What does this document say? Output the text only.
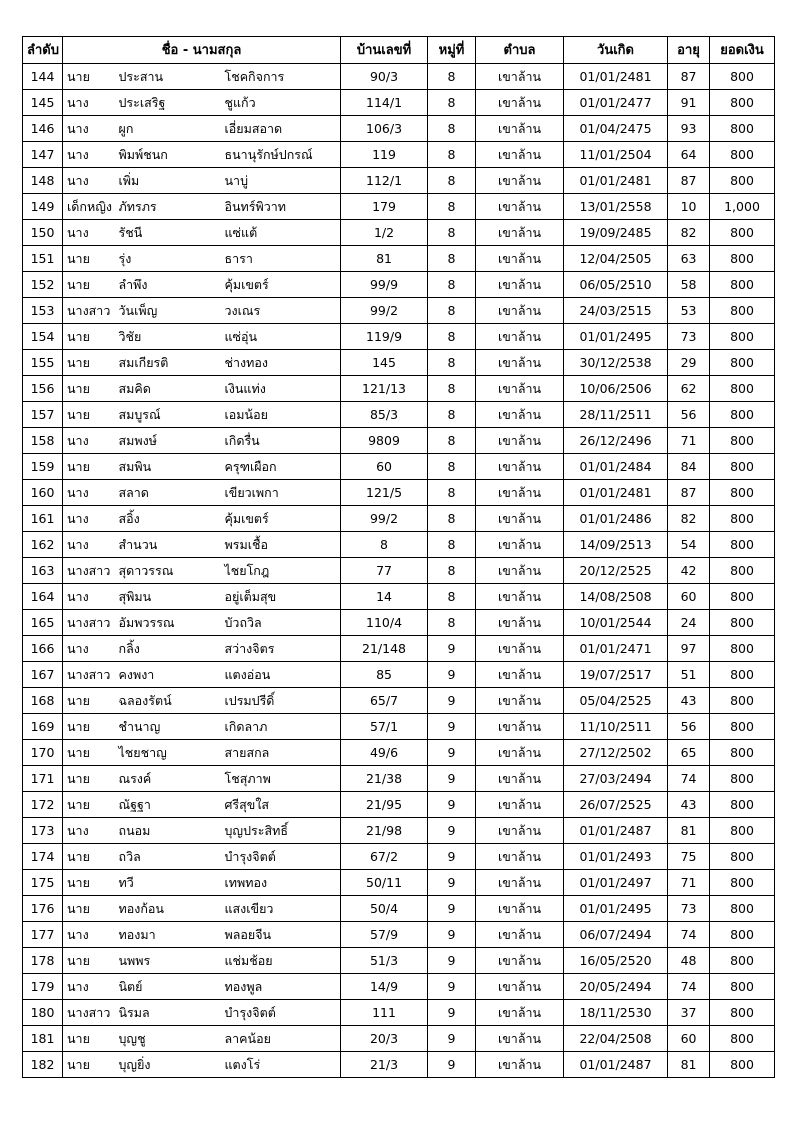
ลำดับ	ชื่อ - นามสกุล			บ้านเลขที่	หมู่ที่	ตำบล	วันเกิด	อายุ	ยอดเงิน
144	นาย	ประสาน	โชคกิจการ	90/3	8	เขาล้าน	01/01/2481	87	800
145	นาง	ประเสริฐ	ชูแก้ว	114/1	8	เขาล้าน	01/01/2477	91	800
146	นาง	ผูก	เอี่ยมสอาด	106/3	8	เขาล้าน	01/04/2475	93	800
147	นาง	พิมพ์ชนก	ธนานุรักษ์ปกรณ์	119	8	เขาล้าน	11/01/2504	64	800
148	นาง	เพิ่ม	นาบู่	112/1	8	เขาล้าน	01/01/2481	87	800
149	เด็กหญิง	ภัทรภร	อินทร์พิวาท	179	8	เขาล้าน	13/01/2558	10	1,000
150	นาง	รัชนี	แซ่แต้	1/2	8	เขาล้าน	19/09/2485	82	800
151	นาย	รุ่ง	ธารา	81	8	เขาล้าน	12/04/2505	63	800
152	นาย	ลำพึง	คุ้มเขตร์	99/9	8	เขาล้าน	06/05/2510	58	800
153	นางสาว	วันเพ็ญ	วงเณร	99/2	8	เขาล้าน	24/03/2515	53	800
154	นาย	วิชัย	แซ่อุ่น	119/9	8	เขาล้าน	01/01/2495	73	800
155	นาย	สมเกียรติ	ช่างทอง	145	8	เขาล้าน	30/12/2538	29	800
156	นาย	สมคิด	เงินแท่ง	121/13	8	เขาล้าน	10/06/2506	62	800
157	นาย	สมบูรณ์	เอมน้อย	85/3	8	เขาล้าน	28/11/2511	56	800
158	นาง	สมพงษ์	เกิดรื่น	9809	8	เขาล้าน	26/12/2496	71	800
159	นาย	สมพิน	ครุฑเผือก	60	8	เขาล้าน	01/01/2484	84	800
160	นาง	สลาด	เขียวเพกา	121/5	8	เขาล้าน	01/01/2481	87	800
161	นาง	สอิ้ง	คุ้มเขตร์	99/2	8	เขาล้าน	01/01/2486	82	800
162	นาง	สำนวน	พรมเชื้อ	8	8	เขาล้าน	14/09/2513	54	800
163	นางสาว	สุดาวรรณ	ไชยโกฎ	77	8	เขาล้าน	20/12/2525	42	800
164	นาง	สุพิมน	อยู่เต็มสุข	14	8	เขาล้าน	14/08/2508	60	800
165	นางสาว	อัมพวรรณ	บัวถวิล	110/4	8	เขาล้าน	10/01/2544	24	800
166	นาง	กลิ้ง	สว่างจิตร	21/148	9	เขาล้าน	01/01/2471	97	800
167	นางสาว	คงพงา	แตงอ่อน	85	9	เขาล้าน	19/07/2517	51	800
168	นาย	ฉลองรัตน์	เปรมปรีดิ์	65/7	9	เขาล้าน	05/04/2525	43	800
169	นาย	ชำนาญ	เกิดลาภ	57/1	9	เขาล้าน	11/10/2511	56	800
170	นาย	ไชยชาญ	สายสกล	49/6	9	เขาล้าน	27/12/2502	65	800
171	นาย	ณรงค์	โชสุภาพ	21/38	9	เขาล้าน	27/03/2494	74	800
172	นาย	ณัฐฐา	ศรีสุขใส	21/95	9	เขาล้าน	26/07/2525	43	800
173	นาง	ถนอม	บุญประสิทธิ์	21/98	9	เขาล้าน	01/01/2487	81	800
174	นาย	ถวิล	บำรุงจิตต์	67/2	9	เขาล้าน	01/01/2493	75	800
175	นาย	ทวี	เทพทอง	50/11	9	เขาล้าน	01/01/2497	71	800
176	นาย	ทองก้อน	แสงเขียว	50/4	9	เขาล้าน	01/01/2495	73	800
177	นาง	ทองมา	พลอยจีน	57/9	9	เขาล้าน	06/07/2494	74	800
178	นาย	นพพร	แช่มช้อย	51/3	9	เขาล้าน	16/05/2520	48	800
179	นาง	นิตย์	ทองพูล	14/9	9	เขาล้าน	20/05/2494	74	800
180	นางสาว	นิรมล	บำรุงจิตต์	111	9	เขาล้าน	18/11/2530	37	800
181	นาย	บุญชู	ลาคน้อย	20/3	9	เขาล้าน	22/04/2508	60	800
182	นาย	บุญยิ่ง	แตงโร่	21/3	9	เขาล้าน	01/01/2487	81	800
